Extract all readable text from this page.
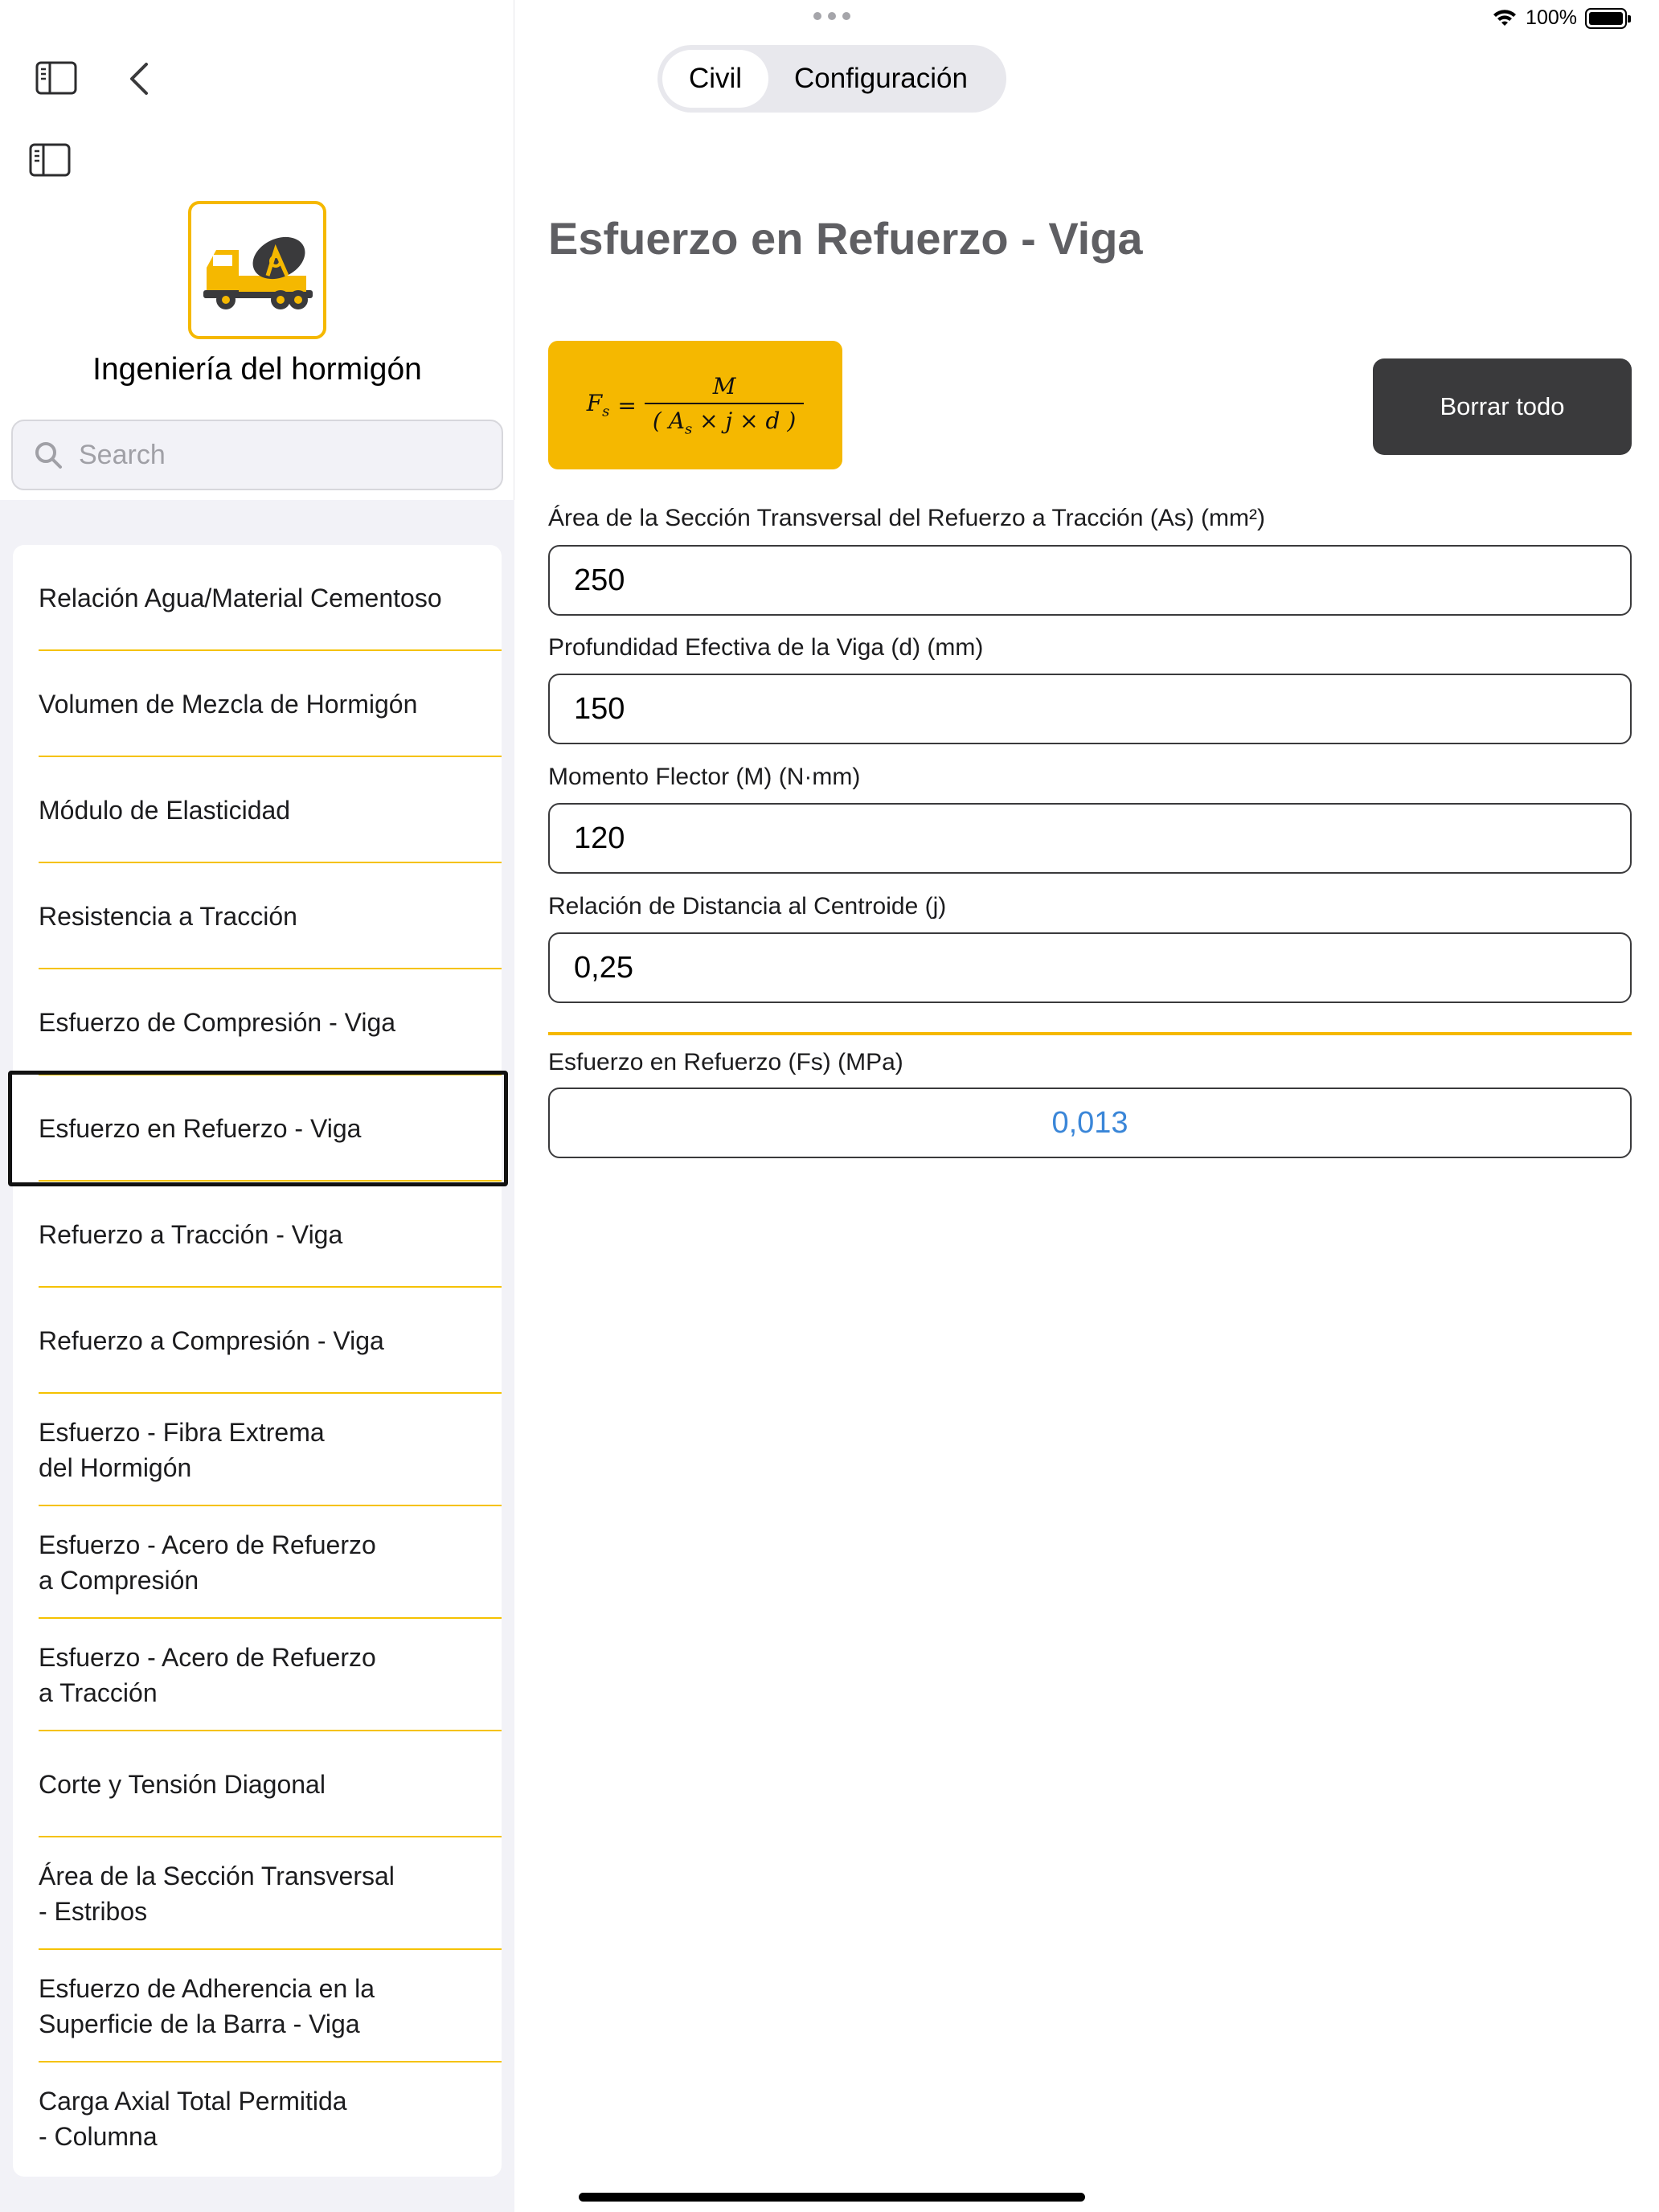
100%
Ingeniería del hormigón
Search
Relación Agua/Material Cementoso
Volumen de Mezcla de Hormigón
Módulo de Elasticidad
Resistencia a Tracción
Esfuerzo de Compresión - Viga
Esfuerzo en Refuerzo - Viga
Refuerzo a Tracción - Viga
Refuerzo a Compresión - Viga
Esfuerzo - Fibra Extrema
del Hormigón
Esfuerzo - Acero de Refuerzo
a Compresión
Esfuerzo - Acero de Refuerzo
a Tracción
Corte y Tensión Diagonal
Área de la Sección Transversal
- Estribos
Esfuerzo de Adherencia en la
Superficie de la Barra - Viga
Carga Axial Total Permitida
- Columna
Civil	Configuración
Esfuerzo en Refuerzo - Viga
$F_s$ =
M
( $A_s \times j \times d$ )
Borrar todo
Área de la Sección Transversal del Refuerzo a Tracción (As) (mm²)
250
Profundidad Efectiva de la Viga (d) (mm)
150
Momento Flector (M) (N·mm)
120
Relación de Distancia al Centroide (j)
0,25
Esfuerzo en Refuerzo (Fs) (MPa)
0,013
